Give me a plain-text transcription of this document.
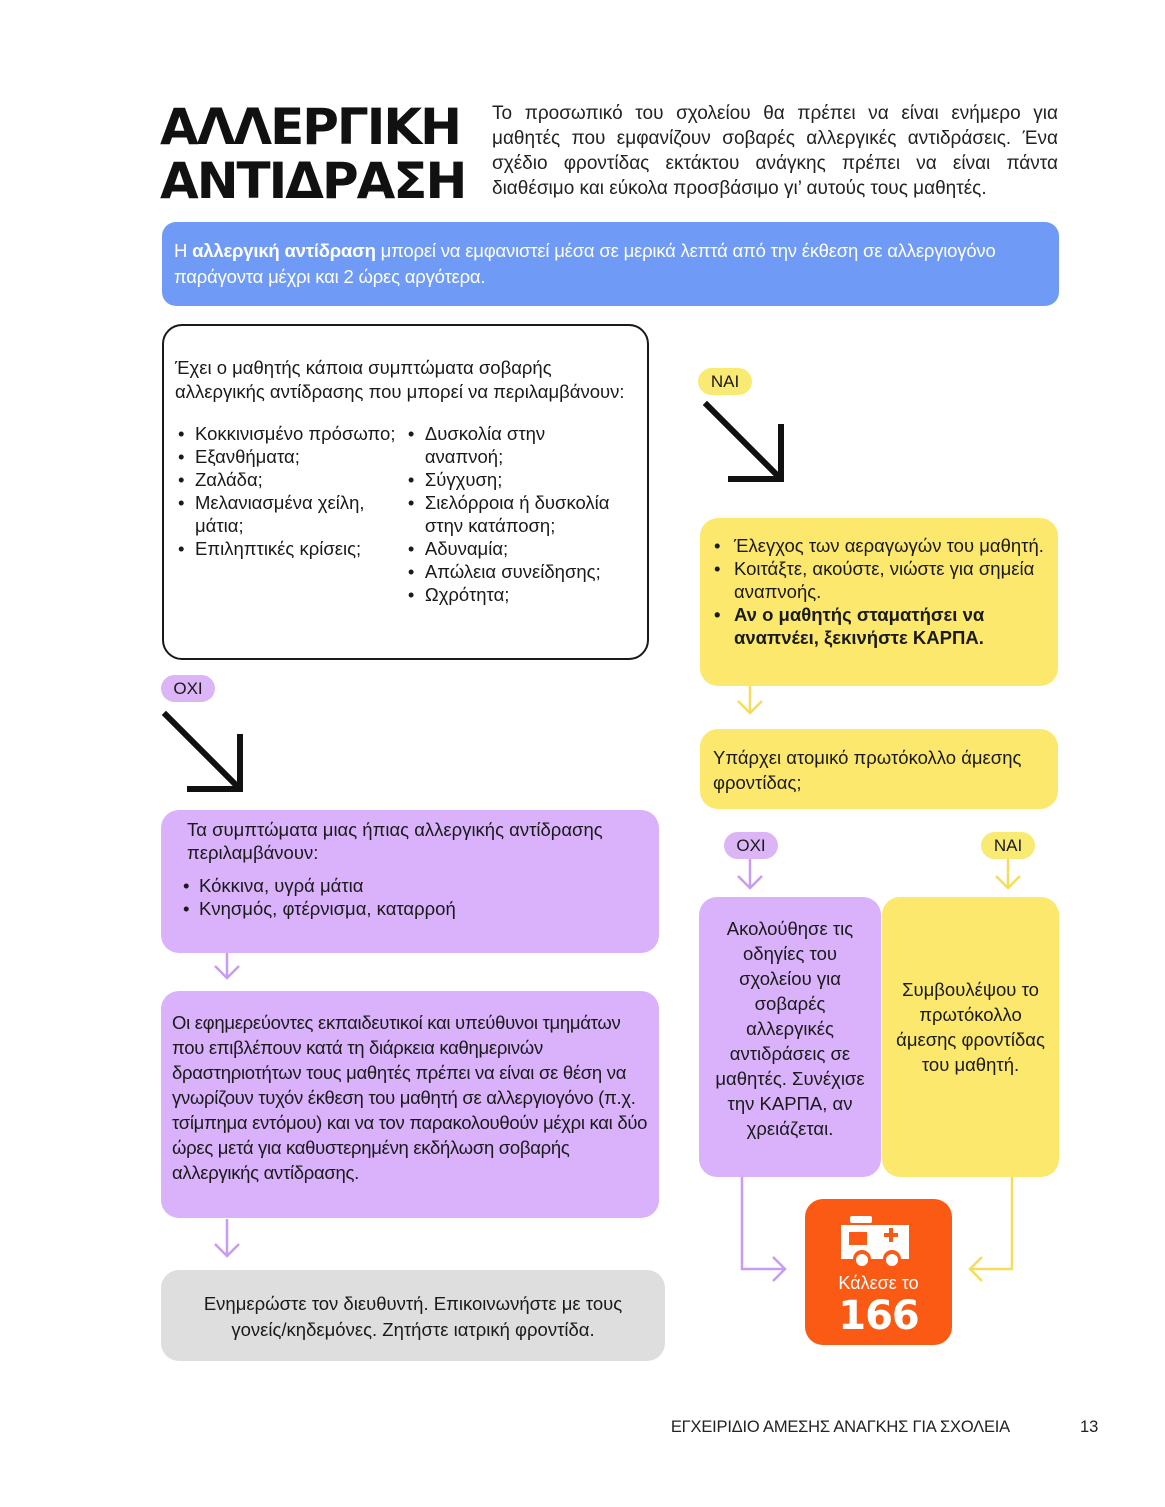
ΑΛΛΕΡΓΙΚΗ
ΑΝΤΙΔΡΑΣΗ
Το προσωπικό του σχολείου θα πρέπει να είναι ενήμερο για μαθητές που εμφανίζουν σοβαρές αλλεργικές αντιδράσεις. Ένα σχέδιο φροντίδας εκτάκτου ανάγκης πρέπει να είναι πάντα διαθέσιμο και εύκολα προσβάσιμο γι’ αυτούς τους μαθητές.
Η αλλεργική αντίδραση μπορεί να εμφανιστεί μέσα σε μερικά λεπτά από την έκθεση σε αλλεργιογόνο παράγοντα μέχρι και 2 ώρες αργότερα.

Έχει ο μαθητής κάποια συμπτώματα σοβαρής αλλεργικής αντίδρασης που μπορεί να περιλαμβάνουν:

• Κοκκινισμένο πρόσωπο;
• Εξανθήματα;
• Ζαλάδα;
• Μελανιασμένα χείλη, μάτια;
• Επιληπτικές κρίσεις;
• Δυσκολία στην αναπνοή;
• Σύγχυση;
• Σιελόρροια ή δυσκολία στην κατάποση;
• Αδυναμία;
• Απώλεια συνείδησης;
• Ωχρότητα;
ΝΑΙ
ΟΧΙ
ΟΧΙ	ΝΑΙ

Τα συμπτώματα μιας ήπιας αλλεργικής αντίδρασης περιλαμβάνουν:

• Κόκκινα, υγρά μάτια
• Κνησμός, φτέρνισμα, καταρροή
Οι εφημερεύοντες εκπαιδευτικοί και υπεύθυνοι τμημάτων που επιβλέπουν κατά τη διάρκεια καθημερινών δραστηριοτήτων τους μαθητές πρέπει να είναι σε θέση να γνωρίζουν τυχόν έκθεση του μαθητή σε αλλεργιογόνο (π.χ. τσίμπημα εντόμου) και να τον παρακολουθούν μέχρι και δύο ώρες μετά για καθυστερημένη εκδήλωση σοβαρής αλλεργικής αντίδρασης.
Ενημερώστε τον διευθυντή. Επικοινωνήστε με τους γονείς/κηδεμόνες. Ζητήστε ιατρική φροντίδα.
• Έλεγχος των αεραγωγών του μαθητή.
• Κοιτάξτε, ακούστε, νιώστε για σημεία αναπνοής.
• Αν ο μαθητής σταματήσει να αναπνέει, ξεκινήστε ΚΑΡΠΑ.
Υπάρχει ατομικό πρωτόκολλο άμεσης φροντίδας;
Ακολούθησε τις οδηγίες του σχολείου για σοβαρές αλλεργικές αντιδράσεις σε μαθητές. Συνέχισε την ΚΑΡΠΑ, αν χρειάζεται.
Συμβουλέψου το πρωτόκολλο άμεσης φροντίδας του μαθητή.
Κάλεσε το
166
ΕΓΧΕΙΡΙΔΙΟ ΑΜΕΣΗΣ ΑΝΑΓΚΗΣ ΓΙΑ ΣΧΟΛΕΙΑ	13
